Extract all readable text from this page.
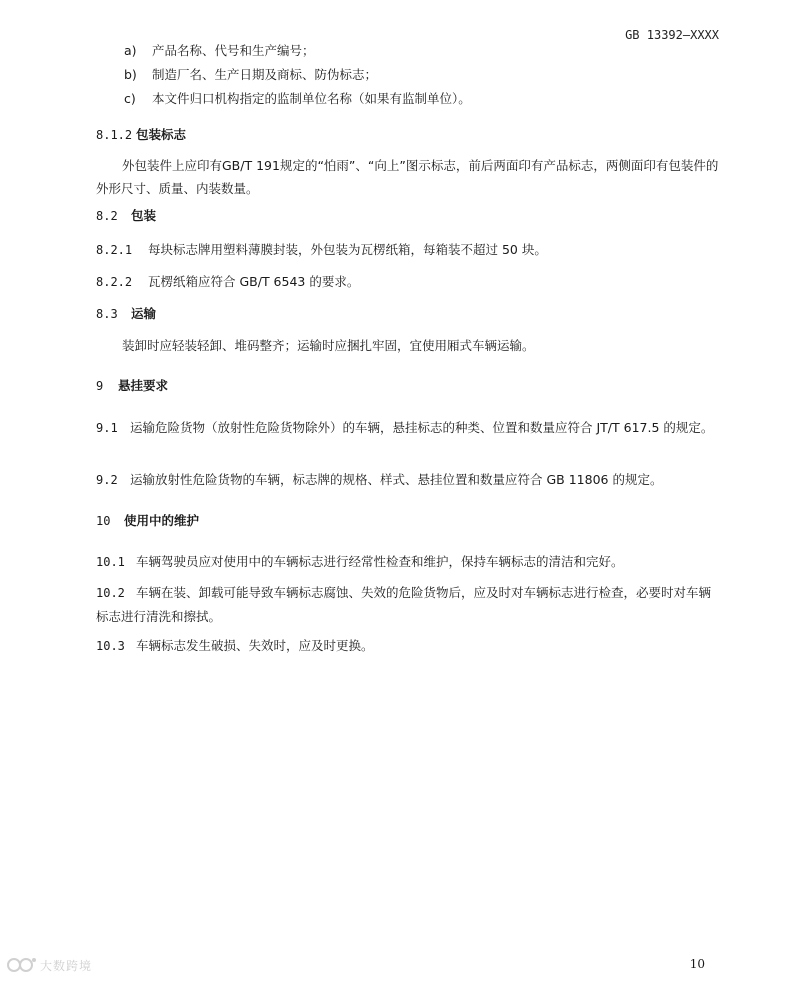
GB 13392—XXXX
a) 产品名称、代号和生产编号；
b) 制造厂名、生产日期及商标、防伪标志；
c) 本文件归口机构指定的监制单位名称（如果有监制单位）。
8.1.2 包装标志
外包装件上应印有GB/T 191规定的“怕雨”、“向上”图示标志，前后两面印有产品标志，两侧面印有包装件的外形尺寸、质量、内装数量。
8.2 包装
8.2.1 每块标志牌用塑料薄膜封装，外包装为瓦楞纸箱，每箱装不超过 50 块。
8.2.2 瓦楞纸箱应符合 GB/T 6543 的要求。
8.3 运输
装卸时应轻装轻卸、堆码整齐；运输时应捆扎牢固，宜使用厢式车辆运输。
9 悬挂要求
9.1 运输危险货物（放射性危险货物除外）的车辆，悬挂标志的种类、位置和数量应符合 JT/T 617.5 的规定。
9.2 运输放射性危险货物的车辆，标志牌的规格、样式、悬挂位置和数量应符合 GB 11806 的规定。
10 使用中的维护
10.1 车辆驾驶员应对使用中的车辆标志进行经常性检查和维护，保持车辆标志的清洁和完好。
10.2 车辆在装、卸载可能导致车辆标志腐蚀、失效的危险货物后，应及时对车辆标志进行检查，必要时对车辆标志进行清洗和擦拭。
10.3 车辆标志发生破损、失效时，应及时更换。
10
大数跨境
